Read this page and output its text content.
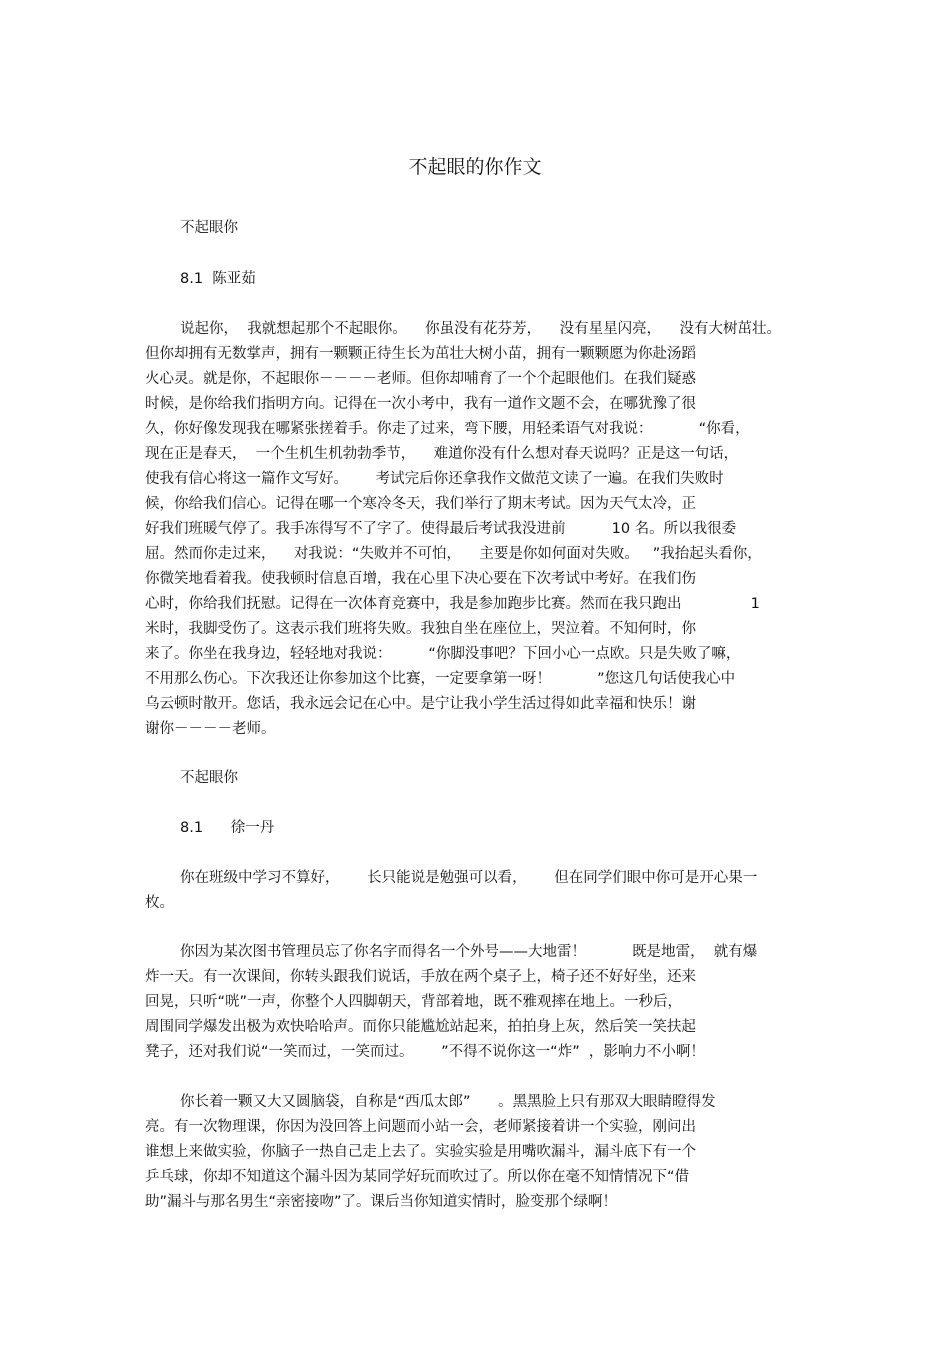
不起眼的你作文
不起眼你
8.1  陈亚茹
说起你，  我就想起那个不起眼你。    你虽没有花芬芳，    没有星星闪亮，    没有大树茁壮。
但你却拥有无数掌声，拥有一颗颗正待生长为茁壮大树小苗，拥有一颗颗愿为你赴汤蹈
火心灵。就是你，不起眼你－－－－老师。但你却哺育了一个个起眼他们。在我们疑惑
时候，是你给我们指明方向。记得在一次小考中，我有一道作文题不会，在哪犹豫了很
久，你好像发现我在哪紧张搓着手。你走了过来，弯下腰，用轻柔语气对我说：          “你看，
现在正是春天，  一个生机生机勃勃季节，    难道你没有什么想对春天说吗？正是这一句话，
使我有信心将这一篇作文写好。      考试完后你还拿我作文做范文读了一遍。在我们失败时
候，你给我们信心。记得在哪一个寒冷冬天，我们举行了期末考试。因为天气太冷，正
好我们班暖气停了。我手冻得写不了字了。使得最后考试我没进前          10 名。所以我很委
屈。然而你走过来，    对我说：“失败并不可怕，    主要是你如何面对失败。   ”我抬起头看你，
你微笑地看着我。使我顿时信息百增，我在心里下决心要在下次考试中考好。在我们伤
心时，你给我们抚慰。记得在一次体育竞赛中，我是参加跑步比赛。然而在我只跑出               1
米时，我脚受伤了。这表示我们班将失败。我独自坐在座位上，哭泣着。不知何时，你
来了。你坐在我身边，轻轻地对我说：        “你脚没事吧？下回小心一点欧。只是失败了嘛，
不用那么伤心。下次我还让你参加这个比赛，一定要拿第一呀！          ”您这几句话使我心中
乌云顿时散开。您话，我永远会记在心中。是宁让我小学生活过得如此幸福和快乐！谢
谢你－－－－老师。
不起眼你
8.1      徐一丹
你在班级中学习不算好，      长只能说是勉强可以看，      但在同学们眼中你可是开心果一
枚。
你因为某次图书管理员忘了你名字而得名一个外号——大地雷！          既是地雷，  就有爆
炸一天。有一次课间，你转头跟我们说话，手放在两个桌子上，椅子还不好好坐，还来
回晃，只听“咣”一声，你整个人四脚朝天，背部着地，既不雅观摔在地上。一秒后，
周围同学爆发出极为欢快哈哈声。而你只能尴尬站起来，拍拍身上灰，然后笑一笑扶起
凳子，还对我们说“一笑而过，一笑而过。      ”不得不说你这一“炸”  ，影响力不小啊！
你长着一颗又大又圆脑袋，自称是“西瓜太郎”      。黑黑脸上只有那双大眼睛瞪得发
亮。有一次物理课，你因为没回答上问题而小站一会，老师紧接着讲一个实验，刚问出
谁想上来做实验，你脑子一热自己走上去了。实验实验是用嘴吹漏斗，漏斗底下有一个
乒乓球，你却不知道这个漏斗因为某同学好玩而吹过了。所以你在毫不知情情况下“借
助”漏斗与那名男生“亲密接吻”了。课后当你知道实情时，脸变那个绿啊！
